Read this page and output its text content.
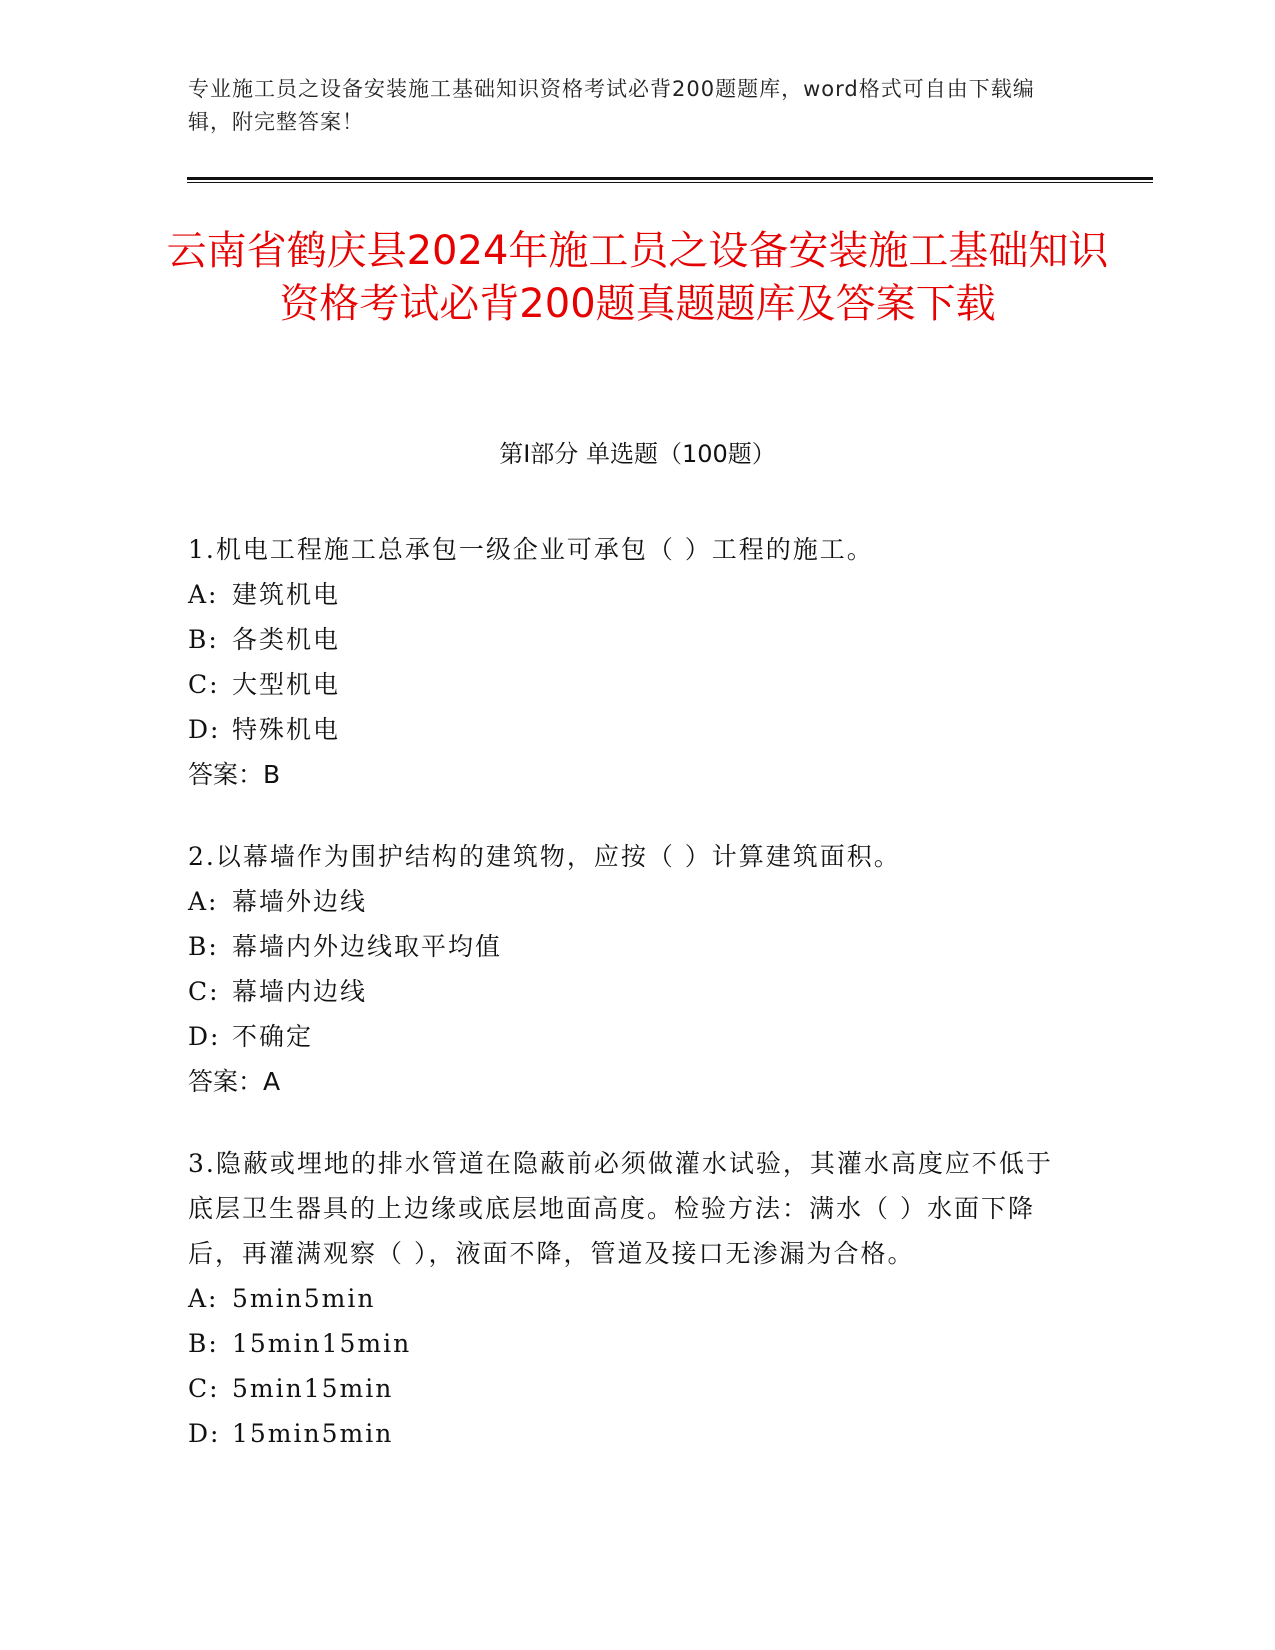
专业施工员之设备安装施工基础知识资格考试必背200题题库，word格式可自由下载编辑，附完整答案！
云南省鹤庆县2024年施工员之设备安装施工基础知识资格考试必背200题真题题库及答案下载
第I部分 单选题（100题）
1.机电工程施工总承包一级企业可承包（ ）工程的施工。
A: 建筑机电
B: 各类机电
C: 大型机电
D: 特殊机电
答案：B
2.以幕墙作为围护结构的建筑物，应按（ ）计算建筑面积。
A: 幕墙外边线
B: 幕墙内外边线取平均值
C: 幕墙内边线
D: 不确定
答案：A
3.隐蔽或埋地的排水管道在隐蔽前必须做灌水试验，其灌水高度应不低于底层卫生器具的上边缘或底层地面高度。检验方法：满水（ ）水面下降后，再灌满观察（ ），液面不降，管道及接口无渗漏为合格。
A: 5min5min
B: 15min15min
C: 5min15min
D: 15min5min
